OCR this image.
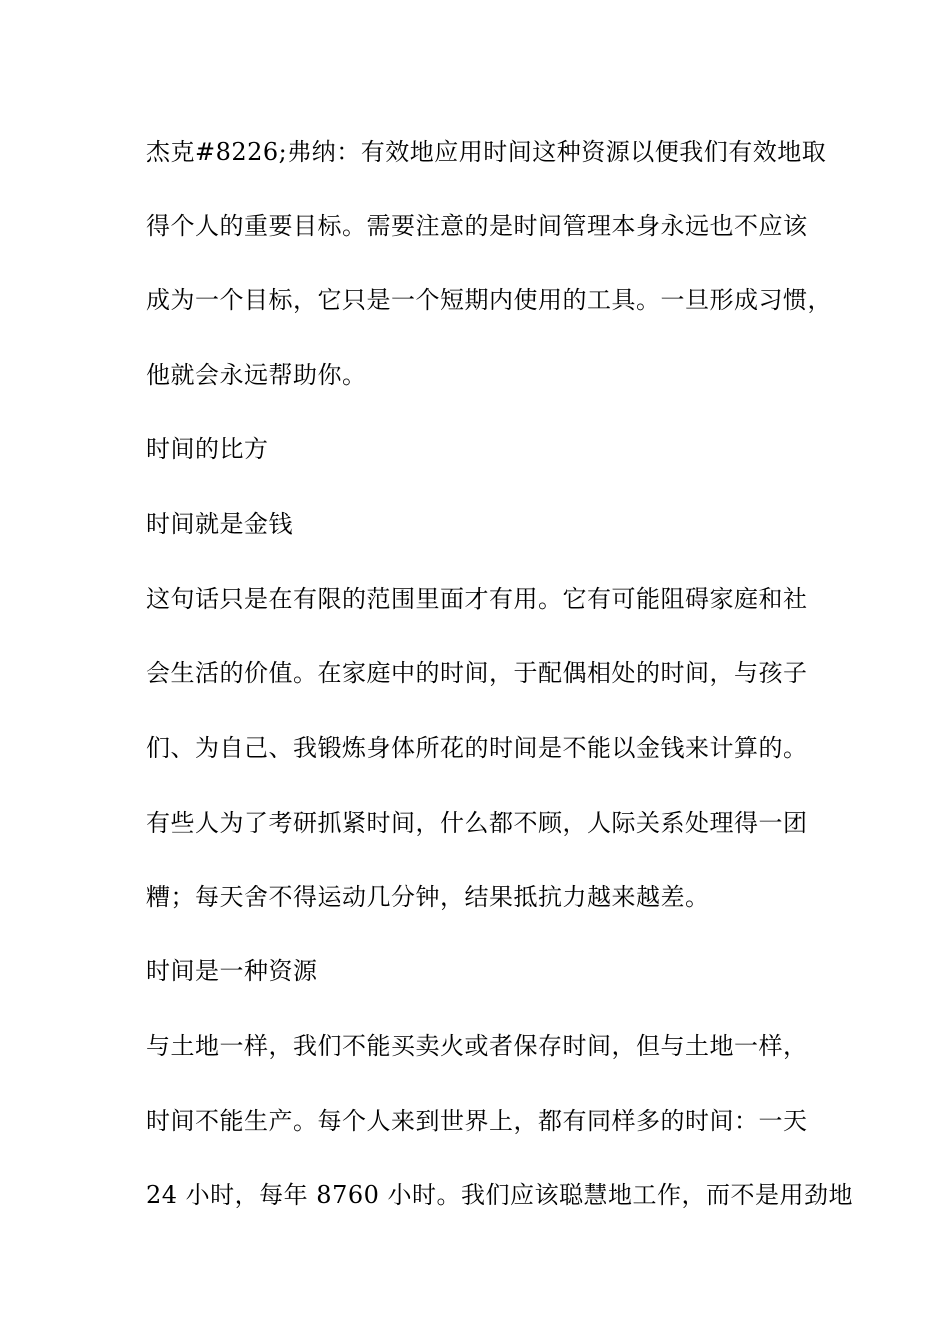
杰克#8226;弗纳：有效地应用时间这种资源以便我们有效地取
得个人的重要目标。需要注意的是时间管理本身永远也不应该
成为一个目标，它只是一个短期内使用的工具。一旦形成习惯，
他就会永远帮助你。
时间的比方
时间就是金钱
这句话只是在有限的范围里面才有用。它有可能阻碍家庭和社
会生活的价值。在家庭中的时间，于配偶相处的时间，与孩子
们、为自己、我锻炼身体所花的时间是不能以金钱来计算的。
有些人为了考研抓紧时间，什么都不顾，人际关系处理得一团
糟；每天舍不得运动几分钟，结果抵抗力越来越差。
时间是一种资源
与土地一样，我们不能买卖火或者保存时间，但与土地一样，
时间不能生产。每个人来到世界上，都有同样多的时间：一天
24 小时，每年 8760 小时。我们应该聪慧地工作，而不是用劲地
